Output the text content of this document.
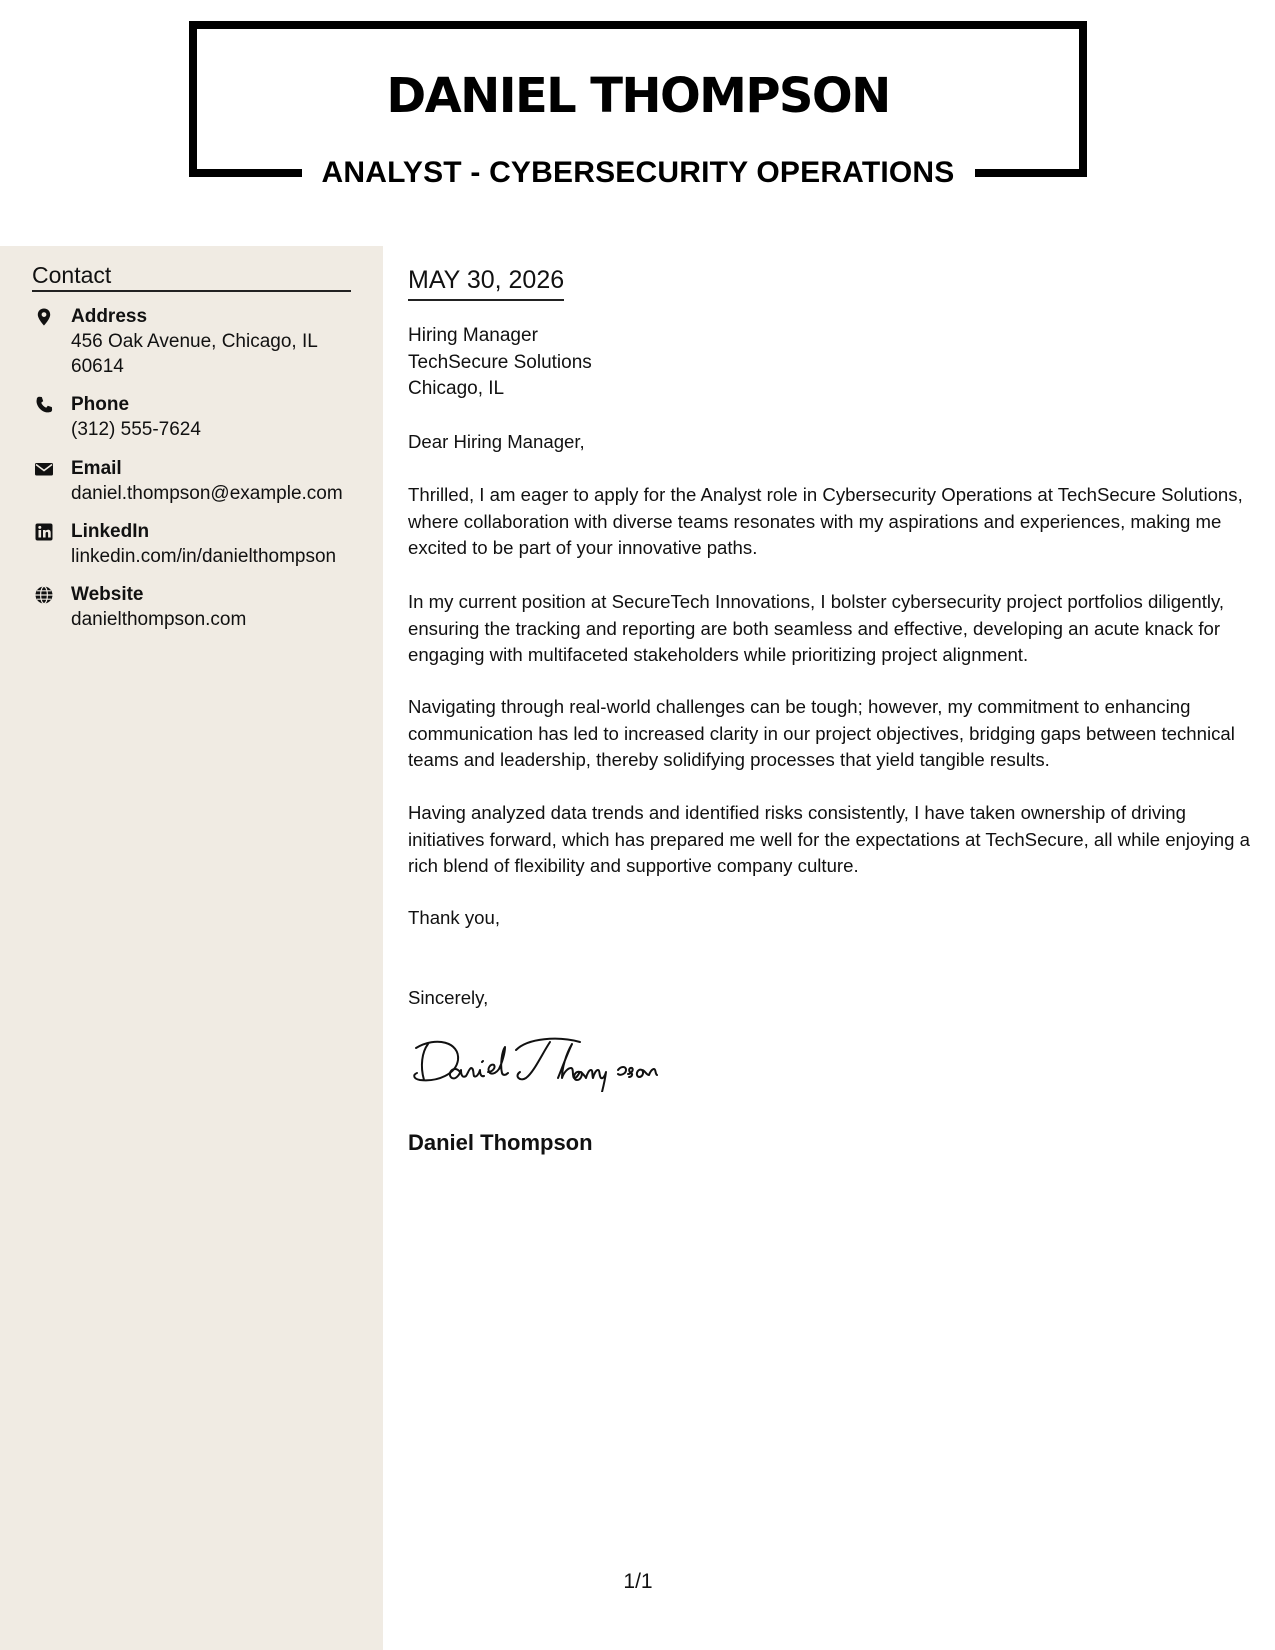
DANIEL THOMPSON
ANALYST - CYBERSECURITY OPERATIONS
Contact
Address
456 Oak Avenue, Chicago, IL 60614
Phone
(312) 555-7624
Email
daniel.thompson@example.com
LinkedIn
linkedin.com/in/danielthompson
Website
danielthompson.com
MAY 30, 2026
Hiring Manager
TechSecure Solutions
Chicago, IL

Dear Hiring Manager,

Thrilled, I am eager to apply for the Analyst role in Cybersecurity Operations at TechSecure Solutions, where collaboration with diverse teams resonates with my aspirations and experiences, making me excited to be part of your innovative paths.

In my current position at SecureTech Innovations, I bolster cybersecurity project portfolios diligently, ensuring the tracking and reporting are both seamless and effective, developing an acute knack for engaging with multifaceted stakeholders while prioritizing project alignment.

Navigating through real-world challenges can be tough; however, my commitment to enhancing communication has led to increased clarity in our project objectives, bridging gaps between technical teams and leadership, thereby solidifying processes that yield tangible results.

Having analyzed data trends and identified risks consistently, I have taken ownership of driving initiatives forward, which has prepared me well for the expectations at TechSecure, all while enjoying a rich blend of flexibility and supportive company culture.

Thank you,

Sincerely,

Daniel Thompson
1/1
